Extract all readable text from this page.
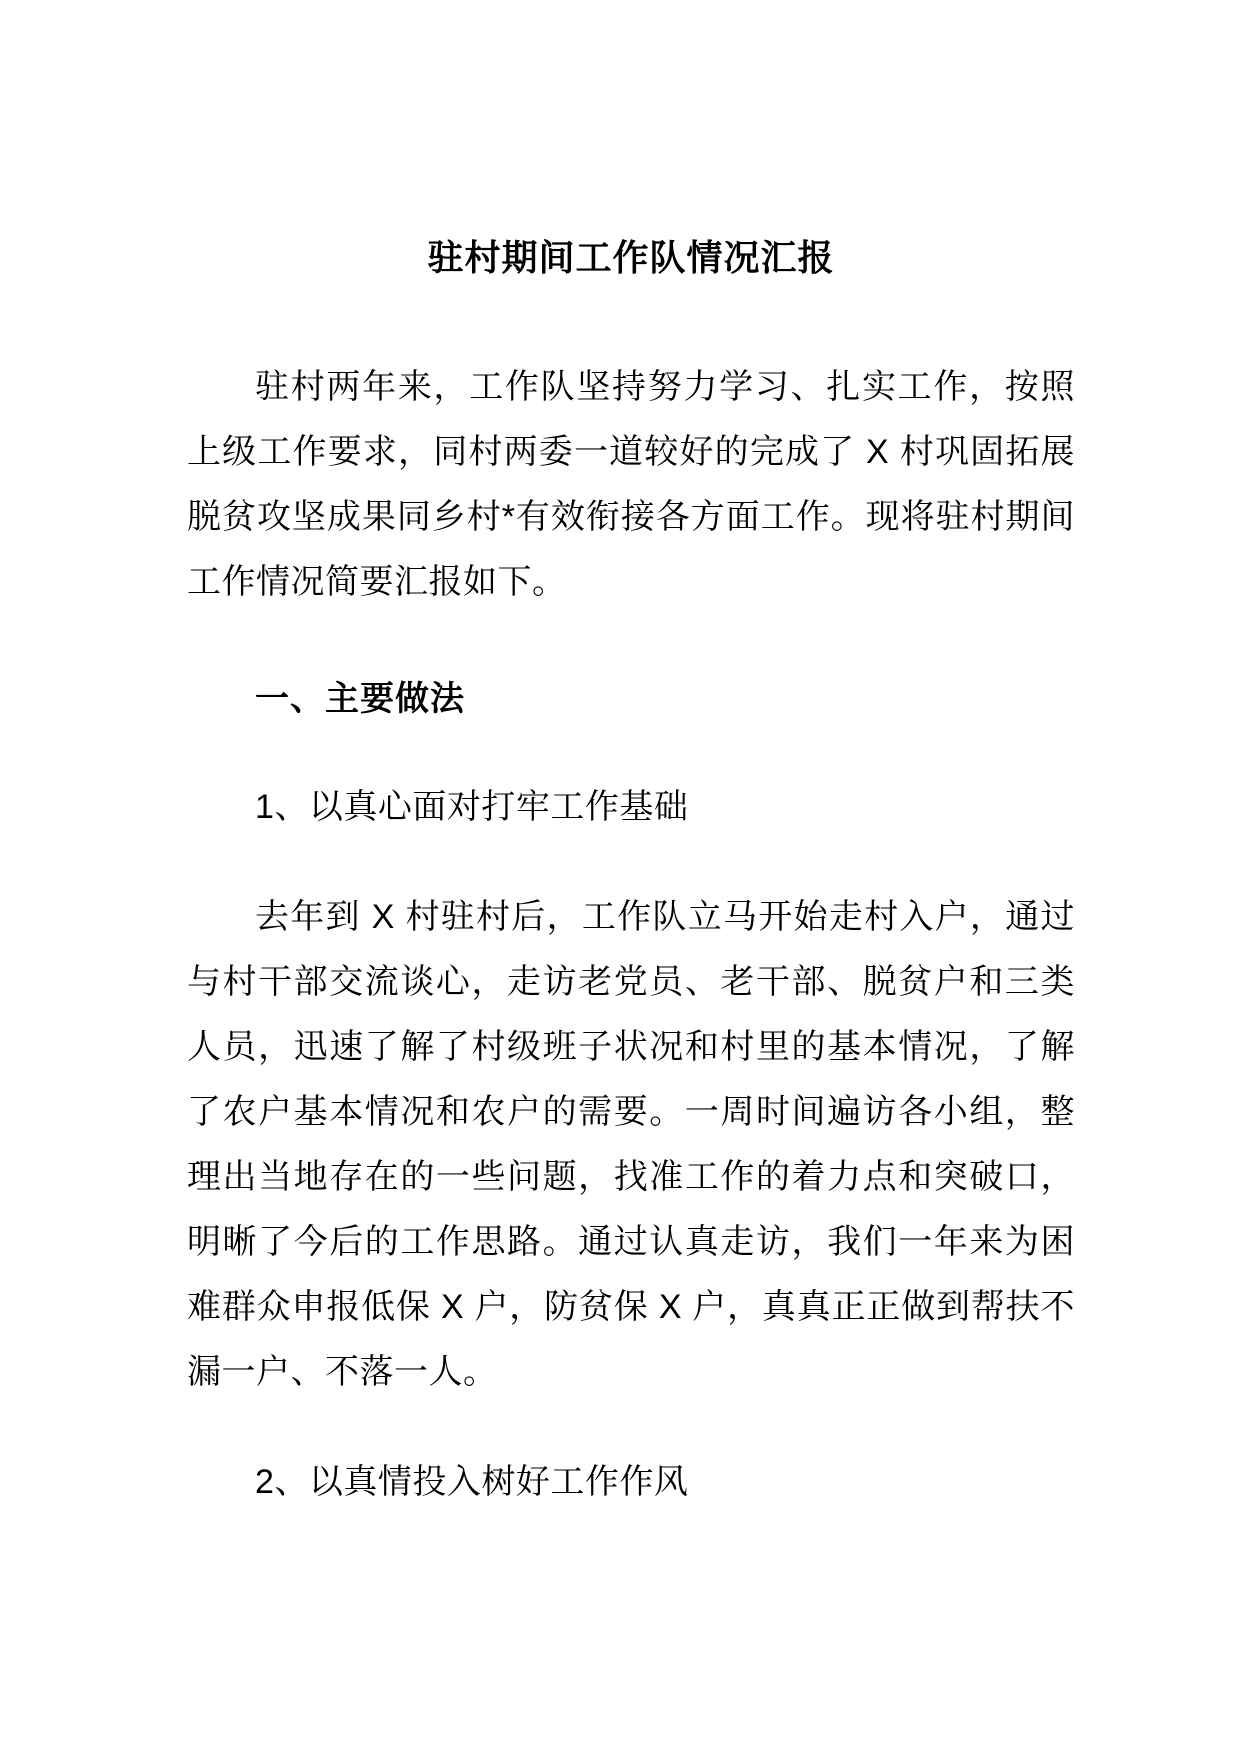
驻村期间工作队情况汇报

驻村两年来，工作队坚持努力学习、扎实工作，按照上级工作要求，同村两委一道较好的完成了 X 村巩固拓展脱贫攻坚成果同乡村*有效衔接各方面工作。现将驻村期间工作情况简要汇报如下。

一、主要做法
1、以真心面对打牢工作基础

去年到 X 村驻村后，工作队立马开始走村入户，通过与村干部交流谈心，走访老党员、老干部、脱贫户和三类人员，迅速了解了村级班子状况和村里的基本情况，了解了农户基本情况和农户的需要。一周时间遍访各小组，整理出当地存在的一些问题，找准工作的着力点和突破口，明晰了今后的工作思路。通过认真走访，我们一年来为困难群众申报低保 X 户，防贫保 X 户，真真正正做到帮扶不漏一户、不落一人。

2、以真情投入树好工作作风
